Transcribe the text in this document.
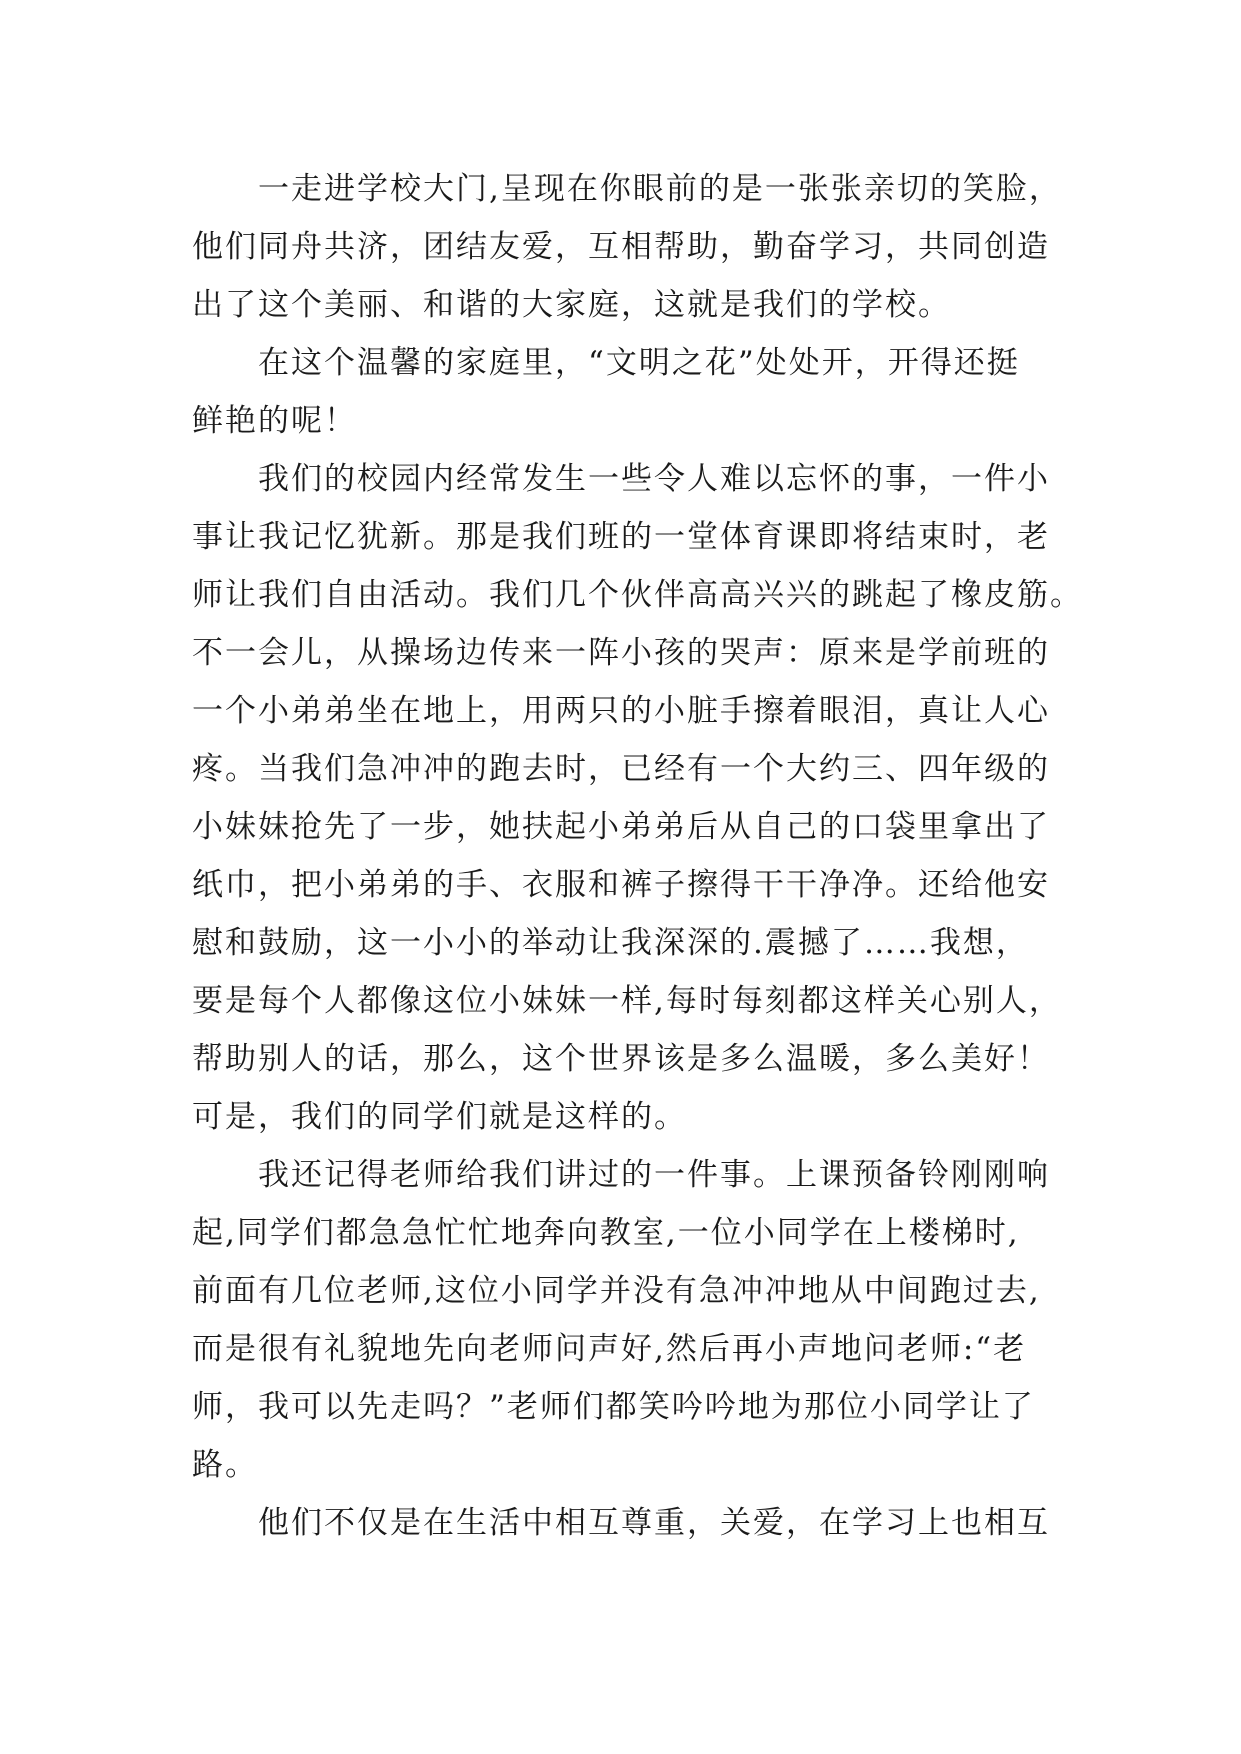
一走进学校大门,呈现在你眼前的是一张张亲切的笑脸，
他们同舟共济，团结友爱，互相帮助，勤奋学习，共同创造
出了这个美丽、和谐的大家庭，这就是我们的学校。
在这个温馨的家庭里，“文明之花”处处开，开得还挺
鲜艳的呢！
我们的校园内经常发生一些令人难以忘怀的事，一件小
事让我记忆犹新。那是我们班的一堂体育课即将结束时，老
师让我们自由活动。我们几个伙伴高高兴兴的跳起了橡皮筋。
不一会儿，从操场边传来一阵小孩的哭声：原来是学前班的
一个小弟弟坐在地上，用两只的小脏手擦着眼泪，真让人心
疼。当我们急冲冲的跑去时，已经有一个大约三、四年级的
小妹妹抢先了一步，她扶起小弟弟后从自己的口袋里拿出了
纸巾，把小弟弟的手、衣服和裤子擦得干干净净。还给他安
慰和鼓励，这一小小的举动让我深深的.震撼了……我想，
要是每个人都像这位小妹妹一样,每时每刻都这样关心别人，
帮助别人的话，那么，这个世界该是多么温暖，多么美好！
可是，我们的同学们就是这样的。
我还记得老师给我们讲过的一件事。上课预备铃刚刚响
起,同学们都急急忙忙地奔向教室,一位小同学在上楼梯时,
前面有几位老师,这位小同学并没有急冲冲地从中间跑过去,
而是很有礼貌地先向老师问声好,然后再小声地问老师:“老
师，我可以先走吗？”老师们都笑吟吟地为那位小同学让了
路。
他们不仅是在生活中相互尊重，关爱，在学习上也相互
